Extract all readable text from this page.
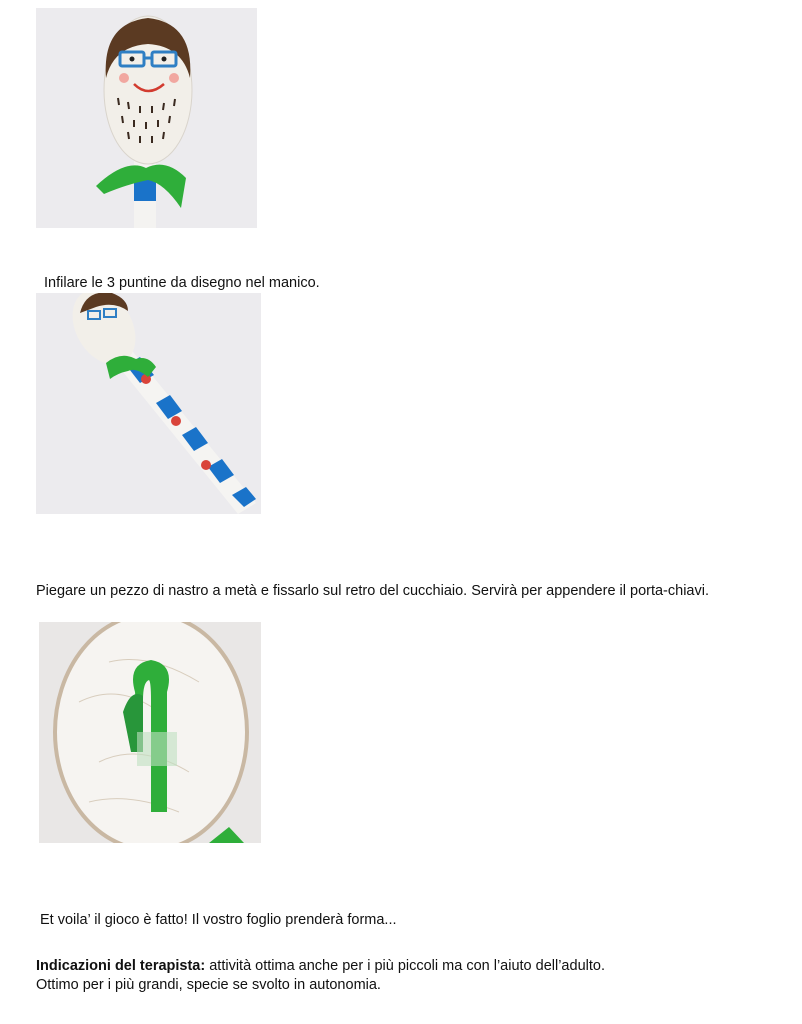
Infilare le 3 puntine da disegno nel manico.
Piegare un pezzo di nastro a metà e fissarlo sul retro del cucchiaio. Servirà per appendere il porta-chiavi.
Et voila’ il gioco è fatto! Il vostro foglio prenderà forma...
Indicazioni del terapista: attività ottima anche per i più piccoli ma con l’aiuto dell’adulto.
Ottimo per i più grandi, specie se svolto in autonomia.
